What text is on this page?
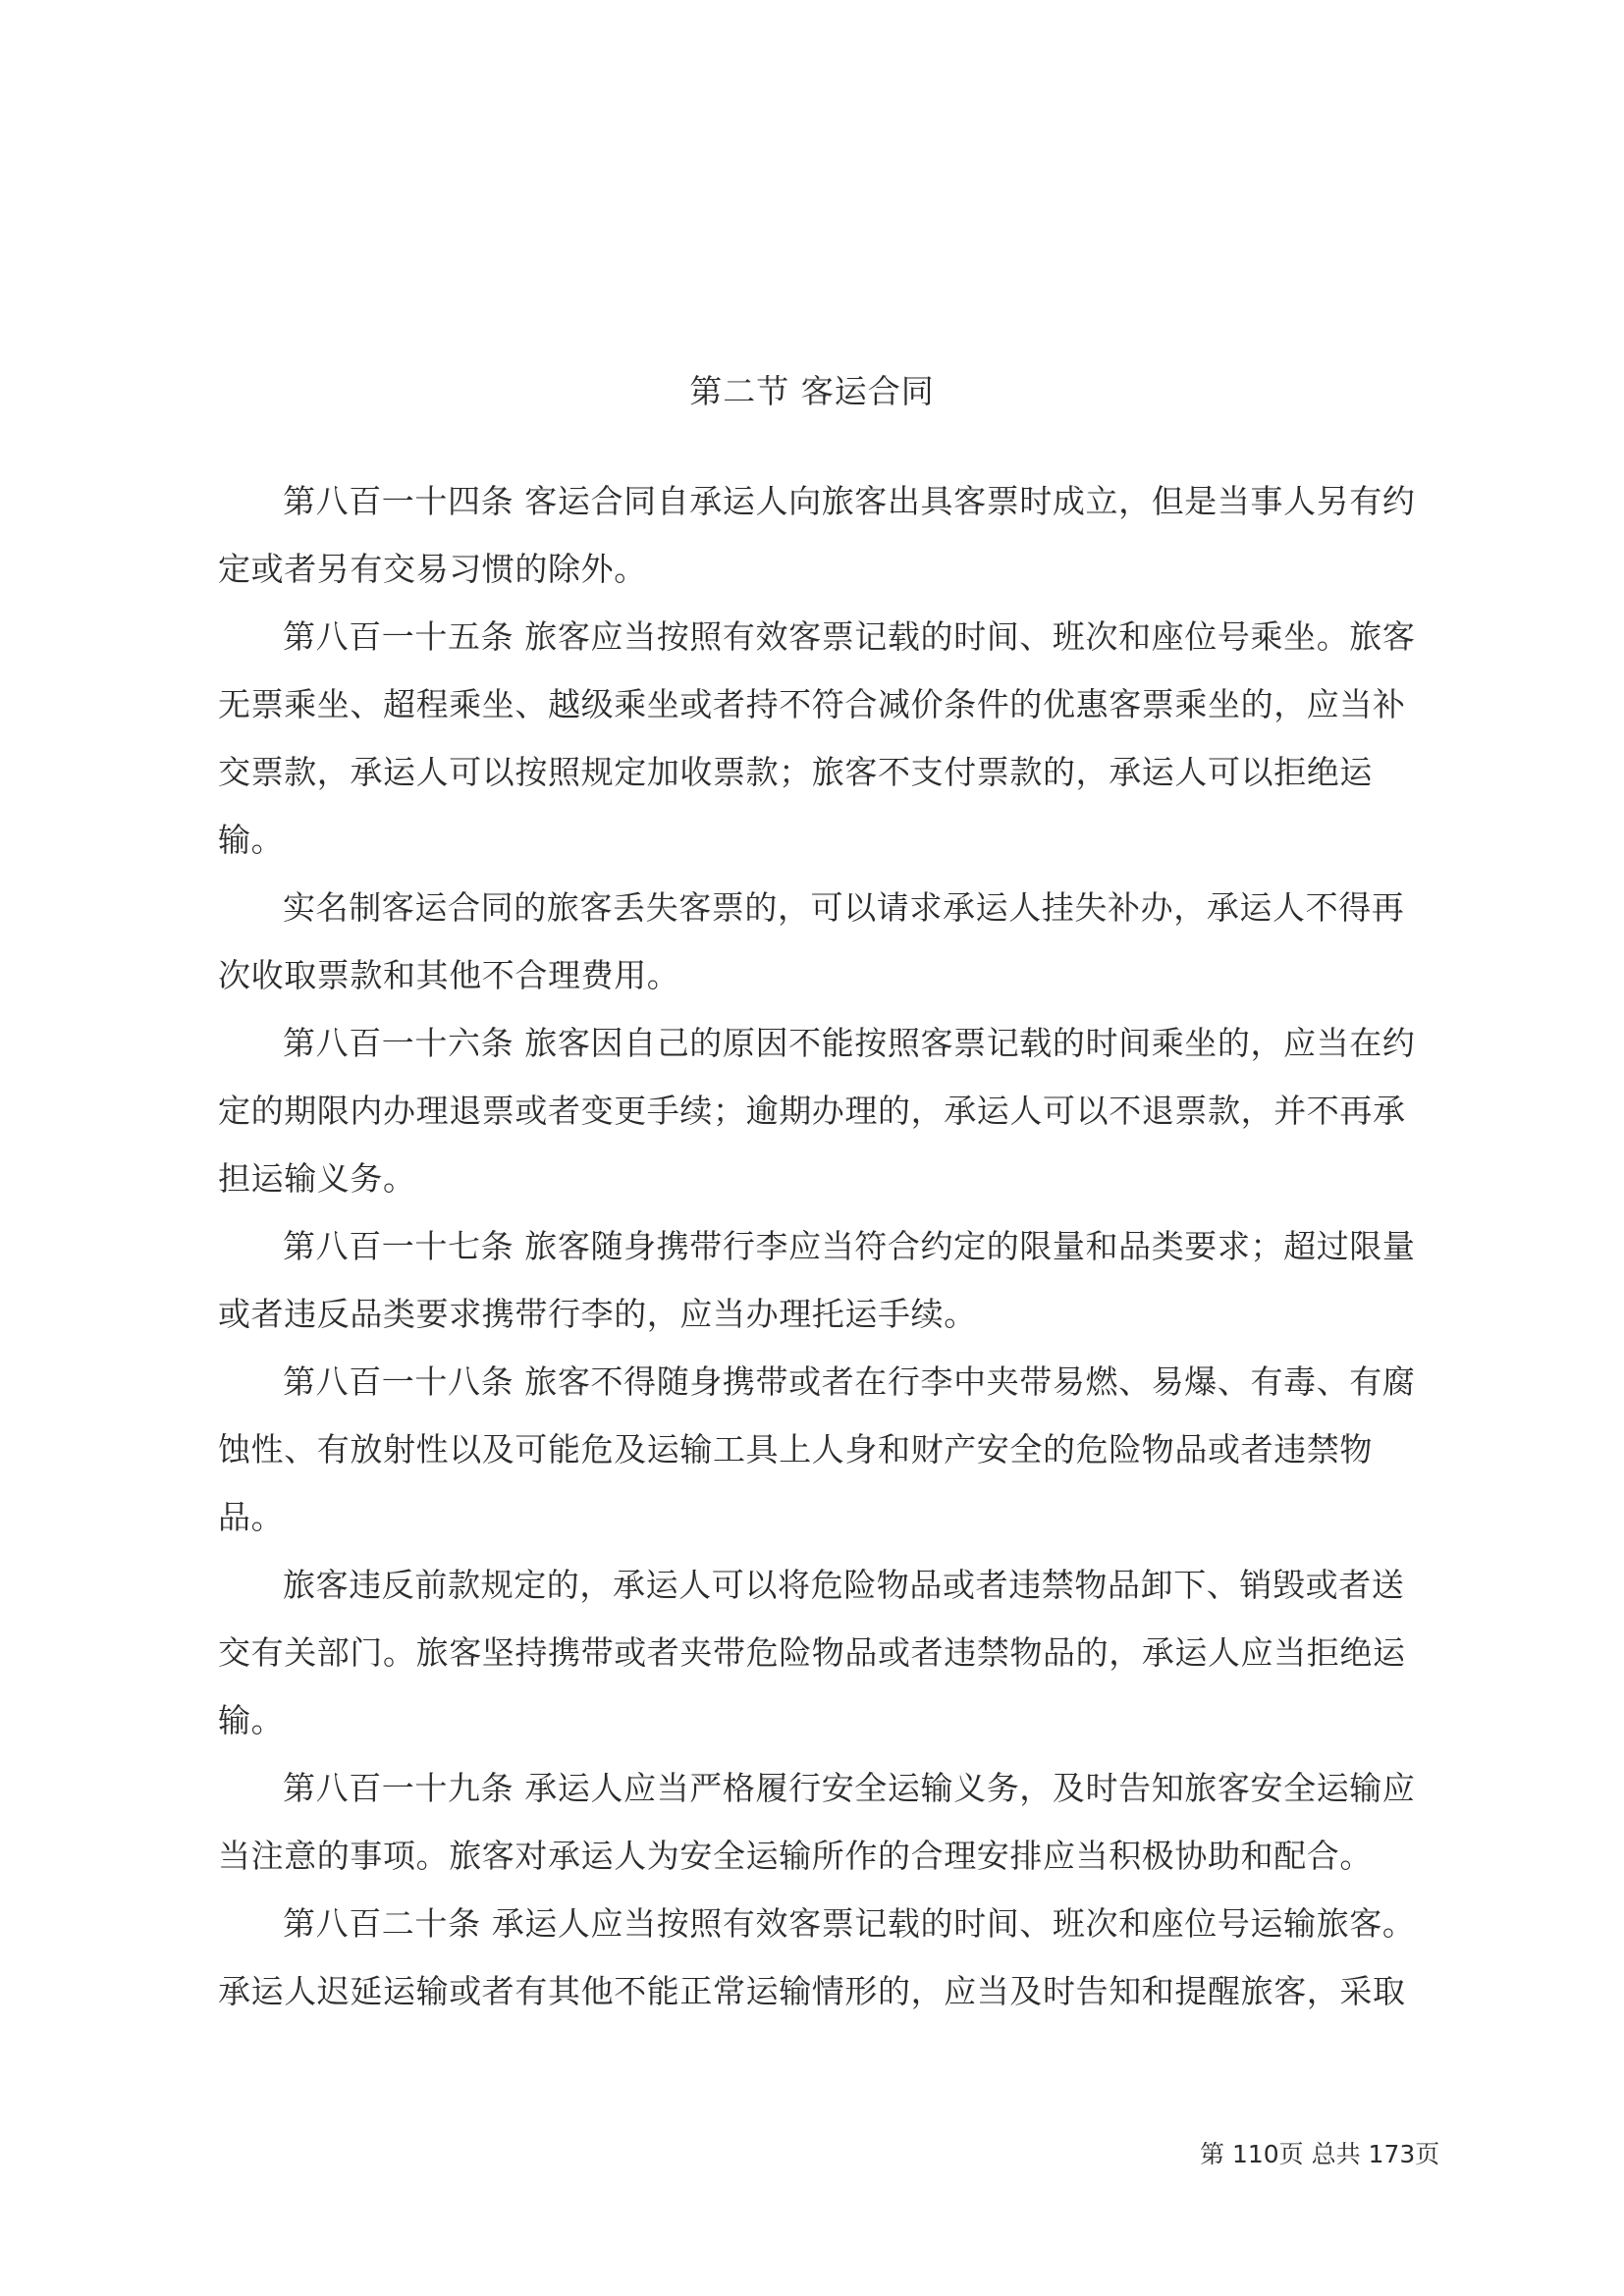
第二节 客运合同
第八百一十四条 客运合同自承运人向旅客出具客票时成立，但是当事人另有约
定或者另有交易习惯的除外。
第八百一十五条 旅客应当按照有效客票记载的时间、班次和座位号乘坐。旅客
无票乘坐、超程乘坐、越级乘坐或者持不符合减价条件的优惠客票乘坐的，应当补
交票款，承运人可以按照规定加收票款；旅客不支付票款的，承运人可以拒绝运
输。
实名制客运合同的旅客丢失客票的，可以请求承运人挂失补办，承运人不得再
次收取票款和其他不合理费用。
第八百一十六条 旅客因自己的原因不能按照客票记载的时间乘坐的，应当在约
定的期限内办理退票或者变更手续；逾期办理的，承运人可以不退票款，并不再承
担运输义务。
第八百一十七条 旅客随身携带行李应当符合约定的限量和品类要求；超过限量
或者违反品类要求携带行李的，应当办理托运手续。
第八百一十八条 旅客不得随身携带或者在行李中夹带易燃、易爆、有毒、有腐
蚀性、有放射性以及可能危及运输工具上人身和财产安全的危险物品或者违禁物
品。
旅客违反前款规定的，承运人可以将危险物品或者违禁物品卸下、销毁或者送
交有关部门。旅客坚持携带或者夹带危险物品或者违禁物品的，承运人应当拒绝运
输。
第八百一十九条 承运人应当严格履行安全运输义务，及时告知旅客安全运输应
当注意的事项。旅客对承运人为安全运输所作的合理安排应当积极协助和配合。
第八百二十条 承运人应当按照有效客票记载的时间、班次和座位号运输旅客。
承运人迟延运输或者有其他不能正常运输情形的，应当及时告知和提醒旅客，采取
第 110页 总共 173页
